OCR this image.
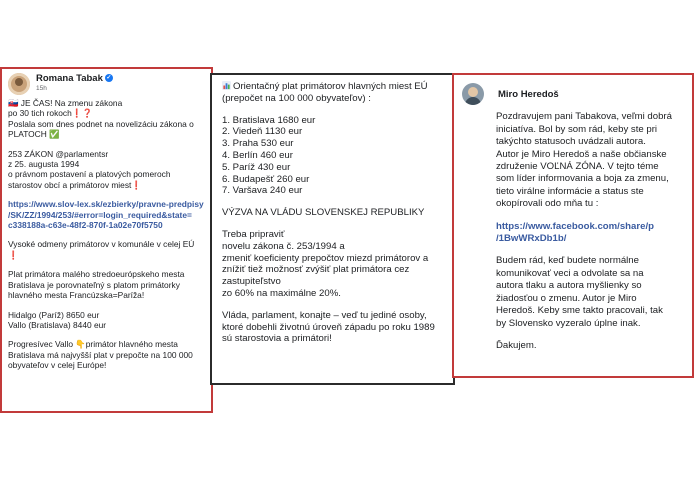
Romana Tabak ✓
15h

🇸🇰 JE ČAS! Na zmenu zákona
po 30 tich rokoch❗❓
Poslala som dnes podnet na novelizáciu zákona o
PLATOCH ✅

253 ZÁKON @parlamentsr
z 25. augusta 1994
o právnom postavení a platových pomeroch
starostov obcí a primátorov miest❗

https://www.slov-lex.sk/ezbierky/pravne-predpisy
/SK/ZZ/1994/253/#error=login_required&state=
c338188a-c63e-48f2-870f-1a02e70f5750

Vysoké odmeny primátorov v komunále v celej EÚ
❗

Plat primátora malého stredoeurópskeho mesta
Bratislava je porovnateľný s platom primátorky
hlavného mesta Francúzska=Paríža!

Hidalgo (Paríž) 8650 eur
Vallo (Bratislava) 8440 eur

Progresívec Vallo 👇primátor hlavného mesta
Bratislava má najvyšší plat v prepočte na 100 000
obyvateľov v celej Európe!

Orientačný plat primátorov hlavných miest EÚ
(prepočet na 100 000 obyvateľov) :

1. Bratislava 1680 eur
2. Viedeň 1130 eur
3. Praha 530 eur
4. Berlín 460 eur
5. Paríž 430 eur
6. Budapešť 260 eur
7. Varšava 240 eur

VÝZVA NA VLÁDU SLOVENSKEJ REPUBLIKY

Treba pripraviť
novelu zákona č. 253/1994 a
zmeniť koeficienty prepočtov miezd primátorov a
znížiť tiež možnosť zvýšiť plat primátora cez
zastupiteľstvo
zo 60% na maximálne 20%.

Vláda, parlament, konajte – veď tu jediné osoby,
ktoré dobehli životnú úroveň západu po roku 1989
sú starostovia a primátori!

Miro Heredoš

Pozdravujem pani Tabakova, veľmi dobrá
iniciatíva. Bol by som rád, keby ste pri
takýchto statusoch uvádzali autora.
Autor je Miro Heredoš a naše občianske
združenie VOĽNÁ ZÓNA. V tejto téme
som líder informovania a boja za zmenu,
tieto virálne informácie a status ste
okopírovali odo mňa tu :

https://www.facebook.com/share/p
/1BwWRxDb1b/

Budem rád, keď budete normálne
komunikovať veci a odvolate sa na
autora tlaku a autora myšlienky so
žiadosťou o zmenu. Autor je Miro
Heredoš. Keby sme takto pracovali, tak
by Slovensko vyzeralo úplne inak.

Ďakujem.
